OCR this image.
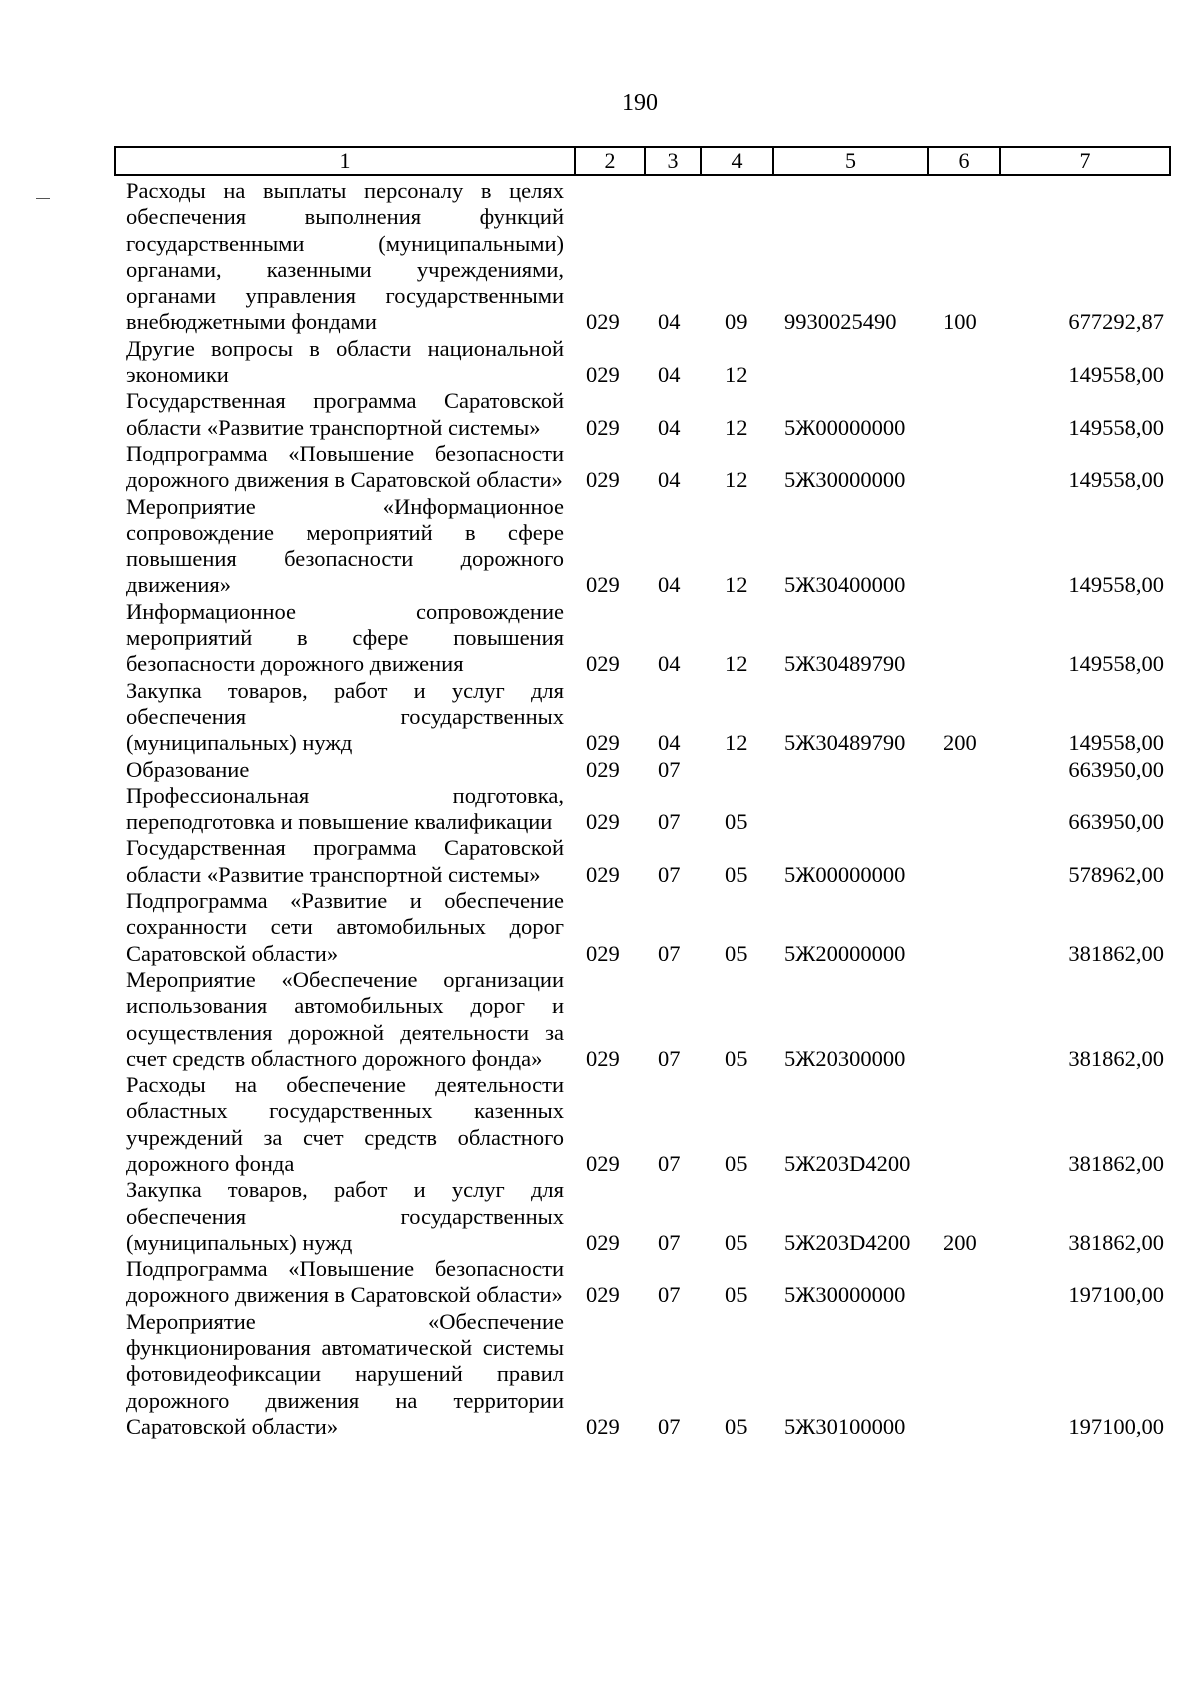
190
1	2	3	4	5	6	7
Расходы на выплаты персоналу в целях обеспечения выполнения функций государственными (муниципальными) органами, казенными учреждениями, органами управления государственными внебюджетными фондами	029 04 09 9930025490 100	677292,87
Другие вопросы в области национальной экономики	029 04 12	149558,00
Государственная программа Саратовской области «Развитие транспортной системы»	029 04 12 5Ж00000000	149558,00
Подпрограмма «Повышение безопасности дорожного движения в Саратовской области» 029 04 12 5Ж30000000	149558,00
Мероприятие «Информационное сопровождение мероприятий в сфере повышения безопасности дорожного движения»	029 04 12 5Ж30400000	149558,00
Информационное сопровождение мероприятий в сфере повышения безопасности дорожного движения	029 04 12 5Ж30489790	149558,00
Закупка товаров, работ и услуг для обеспечения государственных (муниципальных) нужд	029 04 12 5Ж30489790 200	149558,00
Образование	029 07	663950,00
Профессиональная подготовка, переподготовка и повышение квалификации	029 07 05	663950,00
Государственная программа Саратовской области «Развитие транспортной системы»	029 07 05 5Ж00000000	578962,00
Подпрограмма «Развитие и обеспечение сохранности сети автомобильных дорог Саратовской области»	029 07 05 5Ж20000000	381862,00
Мероприятие «Обеспечение организации использования автомобильных дорог и осуществления дорожной деятельности за счет средств областного дорожного фонда»	029 07 05 5Ж20300000	381862,00
Расходы на обеспечение деятельности областных государственных казенных учреждений за счет средств областного дорожного фонда	029 07 05 5Ж203D4200	381862,00
Закупка товаров, работ и услуг для обеспечения государственных (муниципальных) нужд	029 07 05 5Ж203D4200 200	381862,00
Подпрограмма «Повышение безопасности дорожного движения в Саратовской области» 029 07 05 5Ж30000000	197100,00
Мероприятие «Обеспечение функционирования автоматической системы фотовидеофиксации нарушений правил дорожного движения на территории Саратовской области»	029 07 05 5Ж30100000	197100,00
